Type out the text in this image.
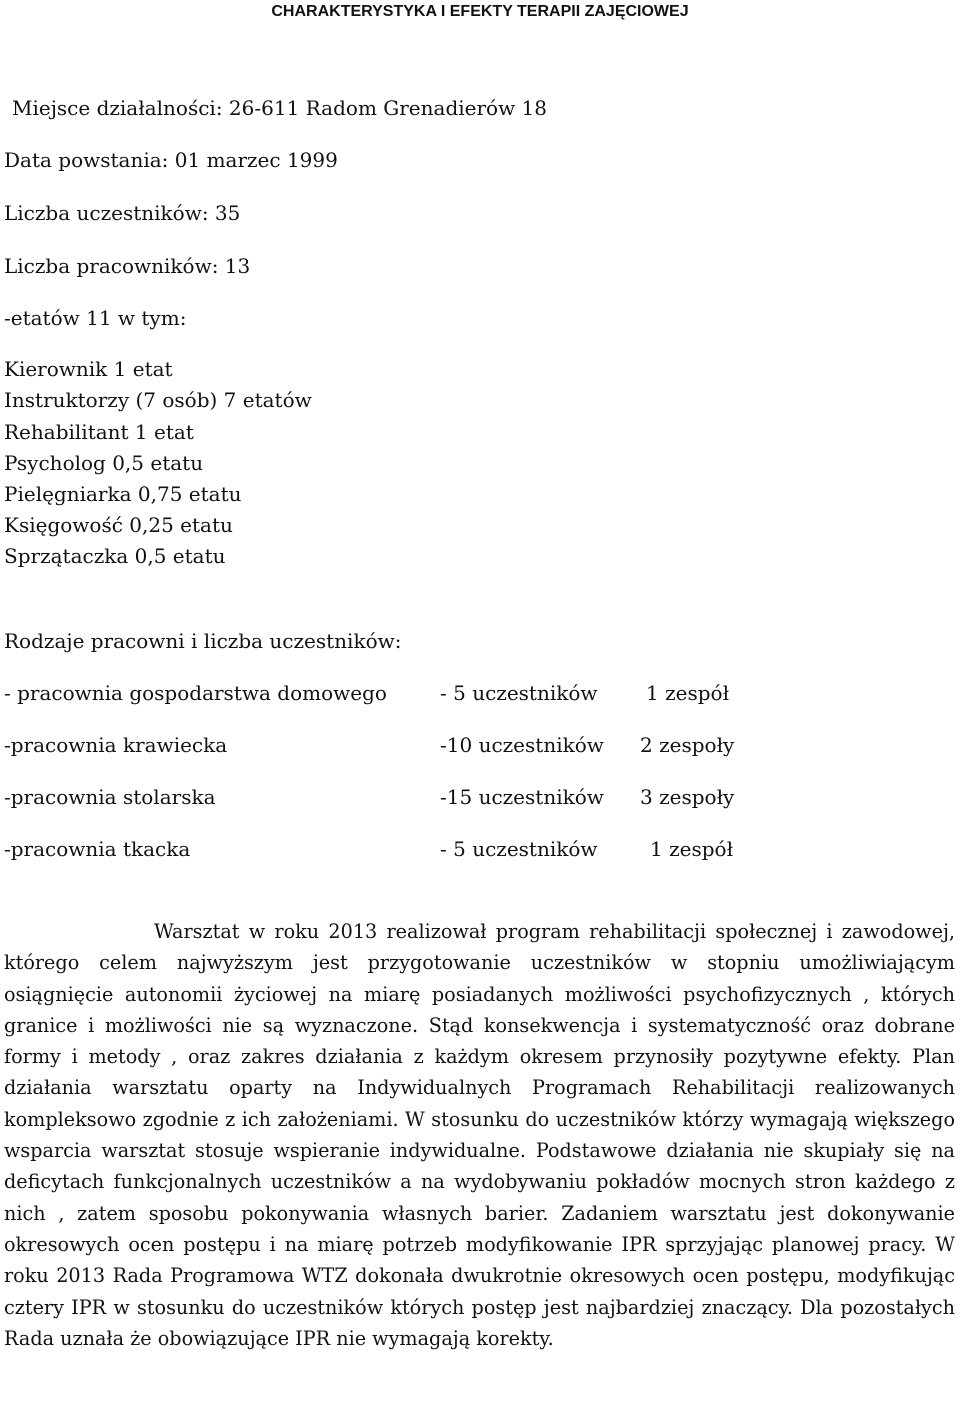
CHARAKTERYSTYKA I EFEKTY TERAPII ZAJĘCIOWEJ
Miejsce działalności: 26-611 Radom Grenadierów 18
Data powstania: 01 marzec 1999
Liczba uczestników: 35
Liczba pracowników: 13
-etatów 11 w tym:
Kierownik 1 etat
Instruktorzy (7 osób) 7 etatów
Rehabilitant 1 etat
Psycholog 0,5 etatu
Pielęgniarka 0,75 etatu
Księgowość 0,25 etatu
Sprzątaczka 0,5 etatu
Rodzaje pracowni i liczba uczestników:
- pracownia gospodarstwa domowego	- 5 uczestników 1 zespół
-pracownia krawiecka	-10 uczestników 2 zespoły
-pracownia stolarska	-15 uczestników 3 zespoły
-pracownia tkacka	- 5 uczestników	1 zespół
Warsztat w roku 2013 realizował program rehabilitacji społecznej i zawodowej, którego celem najwyższym jest przygotowanie uczestników w stopniu umożliwiającym osiągnięcie autonomii życiowej na miarę posiadanych możliwości psychofizycznych , których granice i możliwości nie są wyznaczone. Stąd konsekwencja i systematyczność oraz dobrane formy i metody , oraz zakres działania z każdym okresem przynosiły pozytywne efekty. Plan działania warsztatu oparty na Indywidualnych Programach Rehabilitacji realizowanych kompleksowo zgodnie z ich założeniami. W stosunku do uczestników którzy wymagają większego wsparcia warsztat stosuje wspieranie indywidualne. Podstawowe działania nie skupiały się na deficytach funkcjonalnych uczestników a na wydobywaniu pokładów mocnych stron każdego z nich , zatem sposobu pokonywania własnych barier. Zadaniem warsztatu jest dokonywanie okresowych ocen postępu i na miarę potrzeb modyfikowanie IPR sprzyjając planowej pracy. W roku 2013 Rada Programowa WTZ dokonała dwukrotnie okresowych ocen postępu, modyfikując cztery IPR w stosunku do uczestników których postęp jest najbardziej znaczący. Dla pozostałych Rada uznała że obowiązujące IPR nie wymagają korekty.
